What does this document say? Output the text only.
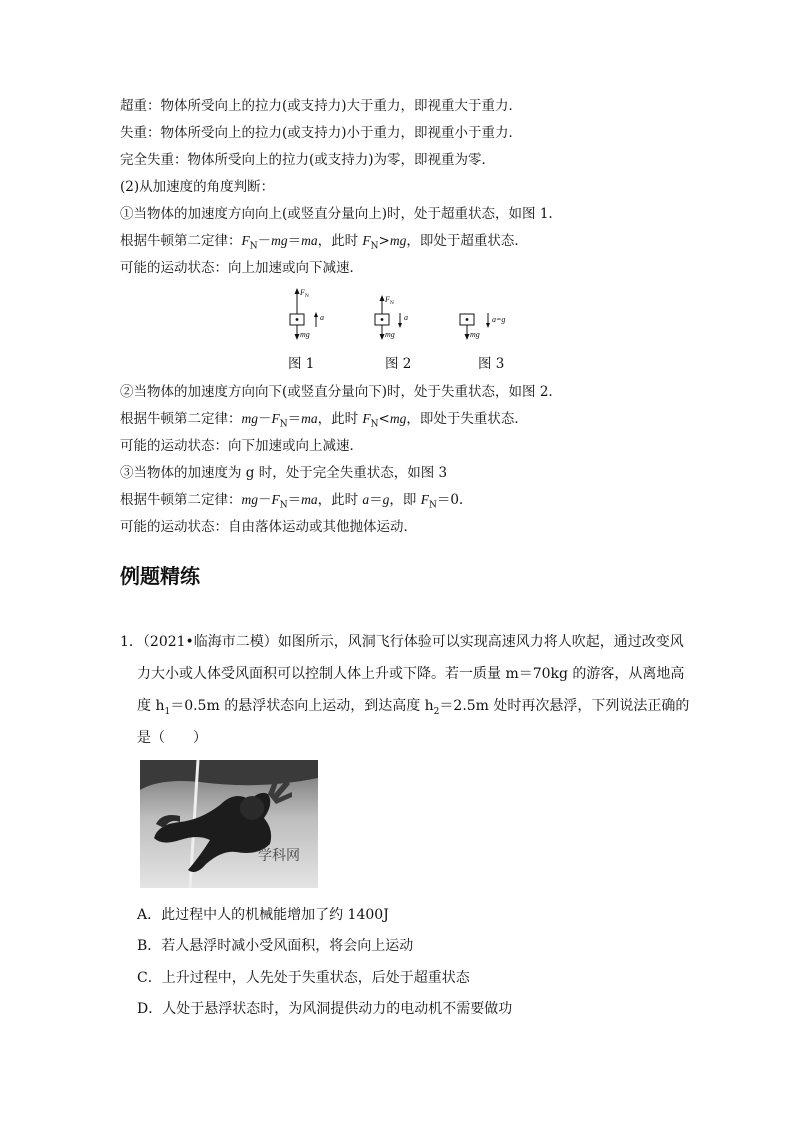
超重：物体所受向上的拉力(或支持力)大于重力，即视重大于重力．
失重：物体所受向上的拉力(或支持力)小于重力，即视重小于重力．
完全失重：物体所受向上的拉力(或支持力)为零，即视重为零．
(2)从加速度的角度判断：
①当物体的加速度方向向上(或竖直分量向上)时，处于超重状态，如图 1.
根据牛顿第二定律：$F_N-mg=ma$，此时 $F_N>mg$，即处于超重状态．
可能的运动状态：向上加速或向下减速．
$F_N$
mg
a
$F_N$
mg
a
mg
a=g
图 1	图 2	图 3
②当物体的加速度方向向下(或竖直分量向下)时，处于失重状态，如图 2.
根据牛顿第二定律：$mg-F_N=ma$，此时 $F_N<mg$，即处于失重状态．
可能的运动状态：向下加速或向上减速．
③当物体的加速度为 g 时，处于完全失重状态，如图 3
根据牛顿第二定律：$mg-F_N=ma$，此时 a＝g，即 $F_N=0$.
可能的运动状态：自由落体运动或其他抛体运动．
例题精练
1．（2021•临海市二模）如图所示，风洞飞行体验可以实现高速风力将人吹起，通过改变风
力大小或人体受风面积可以控制人体上升或下降。若一质量 m＝70kg 的游客，从离地高
度 $h_1=0.5m$ 的悬浮状态向上运动，到达高度 $h_2=2.5m$ 处时再次悬浮，下列说法正确的
是（　　）
学科网
A．此过程中人的机械能增加了约 1400J
B．若人悬浮时减小受风面积，将会向上运动
C．上升过程中，人先处于失重状态，后处于超重状态
D．人处于悬浮状态时，为风洞提供动力的电动机不需要做功
